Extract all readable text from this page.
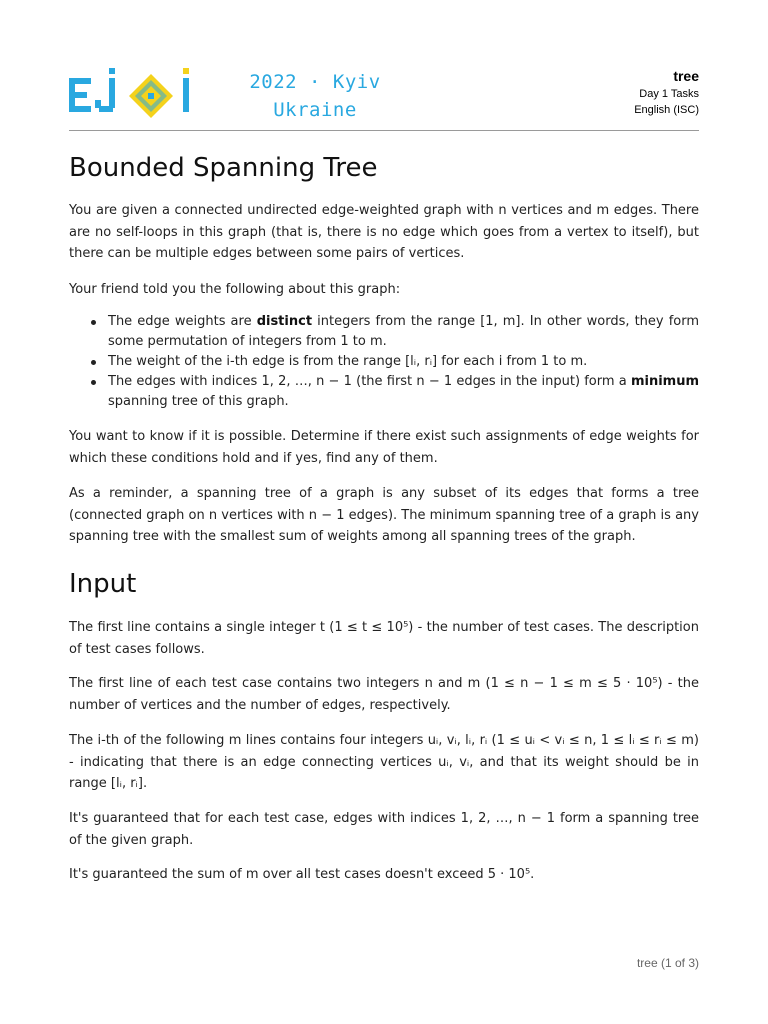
2022 · Kyiv
Ukraine
tree
Day 1 Tasks
English (ISC)
Bounded Spanning Tree

You are given a connected undirected edge-weighted graph with n vertices and m edges. There are no self-loops in this graph (that is, there is no edge which goes from a vertex to itself), but there can be multiple edges between some pairs of vertices.

Your friend told you the following about this graph:

The edge weights are distinct integers from the range [1, m]. In other words, they form some permutation of integers from 1 to m.
The weight of the i-th edge is from the range [lᵢ, rᵢ] for each i from 1 to m.
The edges with indices 1, 2, …, n − 1 (the first n − 1 edges in the input) form a minimum spanning tree of this graph.

You want to know if it is possible. Determine if there exist such assignments of edge weights for which these conditions hold and if yes, find any of them.

As a reminder, a spanning tree of a graph is any subset of its edges that forms a tree (connected graph on n vertices with n − 1 edges). The minimum spanning tree of a graph is any spanning tree with the smallest sum of weights among all spanning trees of the graph.

Input

The first line contains a single integer t (1 ≤ t ≤ 10⁵) - the number of test cases. The description of test cases follows.

The first line of each test case contains two integers n and m (1 ≤ n − 1 ≤ m ≤ 5 · 10⁵) - the number of vertices and the number of edges, respectively.

The i-th of the following m lines contains four integers uᵢ, vᵢ, lᵢ, rᵢ (1 ≤ uᵢ < vᵢ ≤ n, 1 ≤ lᵢ ≤ rᵢ ≤ m) - indicating that there is an edge connecting vertices uᵢ, vᵢ, and that its weight should be in range [lᵢ, rᵢ].

It's guaranteed that for each test case, edges with indices 1, 2, …, n − 1 form a spanning tree of the given graph.

It's guaranteed the sum of m over all test cases doesn't exceed 5 · 10⁵.

tree (1 of 3)
